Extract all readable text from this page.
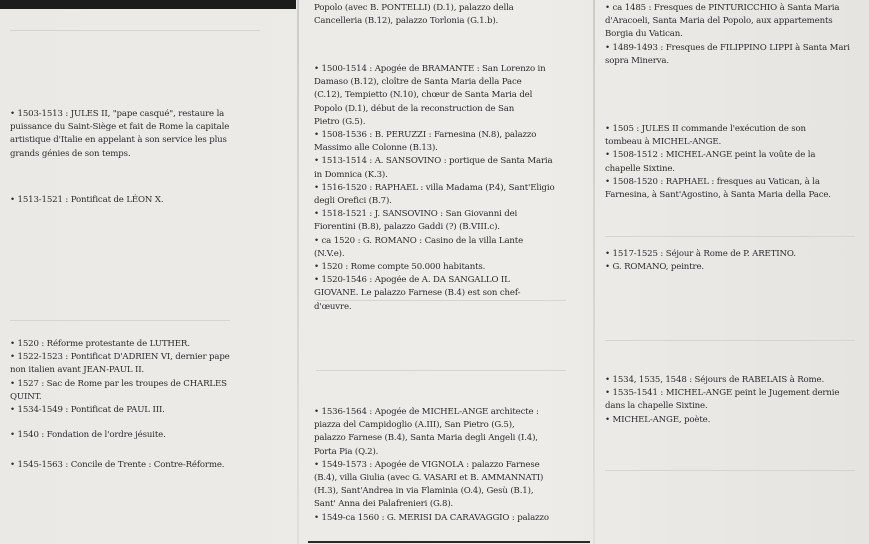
• 1503-1513 : JULES II, "pape casqué", restaure la
puissance du Saint-Siège et fait de Rome la capitale
artistique d'Italie en appelant à son service les plus
grands génies de son temps.
• 1513-1521 : Pontificat de LÉON X.
• 1520 : Réforme protestante de LUTHER.
• 1522-1523 : Pontificat D'ADRIEN VI, dernier pape
non italien avant JEAN-PAUL II.
• 1527 : Sac de Rome par les troupes de CHARLES
QUINT.
• 1534-1549 : Pontificat de PAUL III.
• 1540 : Fondation de l'ordre jésuite.
• 1545-1563 : Concile de Trente : Contre-Réforme.
Popolo (avec B. PONTELLI) (D.1), palazzo della
Cancelleria (B.12), palazzo Torlonia (G.1.b).
• 1500-1514 : Apogée de BRAMANTE : San Lorenzo in
Damaso (B.12), cloître de Santa Maria della Pace
(C.12), Tempietto (N.10), chœur de Santa Maria del
Popolo (D.1), début de la reconstruction de San
Pietro (G.5).
• 1508-1536 : B. PERUZZI : Farnesina (N.8), palazzo
Massimo alle Colonne (B.13).
• 1513-1514 : A. SANSOVINO : portique de Santa Maria
in Domnica (K.3).
• 1516-1520 : RAPHAEL : villa Madama (P.4), Sant'Eligio
degli Orefici (B.7).
• 1518-1521 : J. SANSOVINO : San Giovanni dei
Fiorentini (B.8), palazzo Gaddi (?) (B.VIII.c).
• ca 1520 : G. ROMANO : Casino de la villa Lante
(N.V.e).
• 1520 : Rome compte 50.000 habitants.
• 1520-1546 : Apogée de A. DA SANGALLO IL
GIOVANE. Le palazzo Farnese (B.4) est son chef-
d'œuvre.
• 1536-1564 : Apogée de MICHEL-ANGE architecte :
piazza del Campidoglio (A.III), San Pietro (G.5),
palazzo Farnese (B.4), Santa Maria degli Angeli (I.4),
Porta Pia (Q.2).
• 1549-1573 : Apogée de VIGNOLA : palazzo Farnese
(B.4), villa Giulia (avec G. VASARI et B. AMMANNATI)
(H.3), Sant'Andrea in via Flaminia (O.4), Gesù (B.1),
Sant' Anna dei Palafrenieri (G.8).
• 1549-ca 1560 : G. MERISI DA CARAVAGGIO : palazzo
• ca 1485 : Fresques de PINTURICCHIO à Santa Maria
d'Aracoeli, Santa Maria del Popolo, aux appartements
Borgia du Vatican.
• 1489-1493 : Fresques de FILIPPINO LIPPI à Santa Mari
sopra Minerva.
• 1505 : JULES II commande l'exécution de son
tombeau à MICHEL-ANGE.
• 1508-1512 : MICHEL-ANGE peint la voûte de la
chapelle Sixtine.
• 1508-1520 : RAPHAEL : fresques au Vatican, à la
Farnesina, à Sant'Agostino, à Santa Maria della Pace.
• 1517-1525 : Séjour à Rome de P. ARETINO.
• G. ROMANO, peintre.
• 1534, 1535, 1548 : Séjours de RABELAIS à Rome.
• 1535-1541 : MICHEL-ANGE peint le Jugement dernie
dans la chapelle Sixtine.
• MICHEL-ANGE, poète.
